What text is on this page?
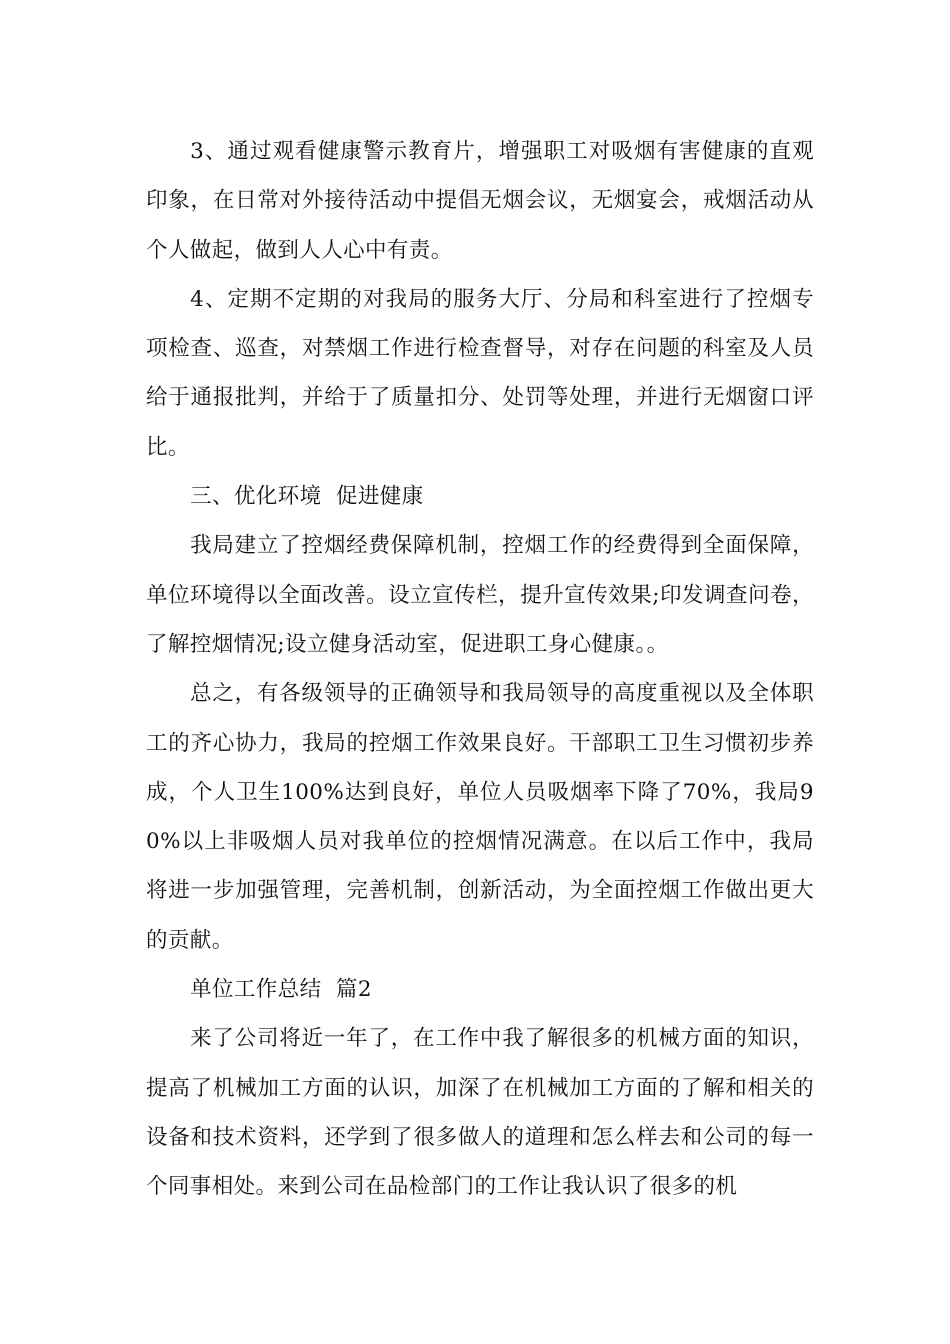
3、通过观看健康警示教育片，增强职工对吸烟有害健康的直观印象，在日常对外接待活动中提倡无烟会议，无烟宴会，戒烟活动从个人做起，做到人人心中有责。

4、定期不定期的对我局的服务大厅、分局和科室进行了控烟专项检查、巡查，对禁烟工作进行检查督导，对存在问题的科室及人员给于通报批判，并给于了质量扣分、处罚等处理，并进行无烟窗口评比。

三、优化环境  促进健康

我局建立了控烟经费保障机制，控烟工作的经费得到全面保障，单位环境得以全面改善。设立宣传栏，提升宣传效果;印发调查问卷，了解控烟情况;设立健身活动室，促进职工身心健康。。

总之，有各级领导的正确领导和我局领导的高度重视以及全体职工的齐心协力，我局的控烟工作效果良好。干部职工卫生习惯初步养成，个人卫生100%达到良好，单位人员吸烟率下降了70%，我局90%以上非吸烟人员对我单位的控烟情况满意。在以后工作中，我局将进一步加强管理，完善机制，创新活动，为全面控烟工作做出更大的贡献。

单位工作总结  篇2

来了公司将近一年了，在工作中我了解很多的机械方面的知识，提高了机械加工方面的认识，加深了在机械加工方面的了解和相关的设备和技术资料，还学到了很多做人的道理和怎么样去和公司的每一个同事相处。来到公司在品检部门的工作让我认识了很多的机
